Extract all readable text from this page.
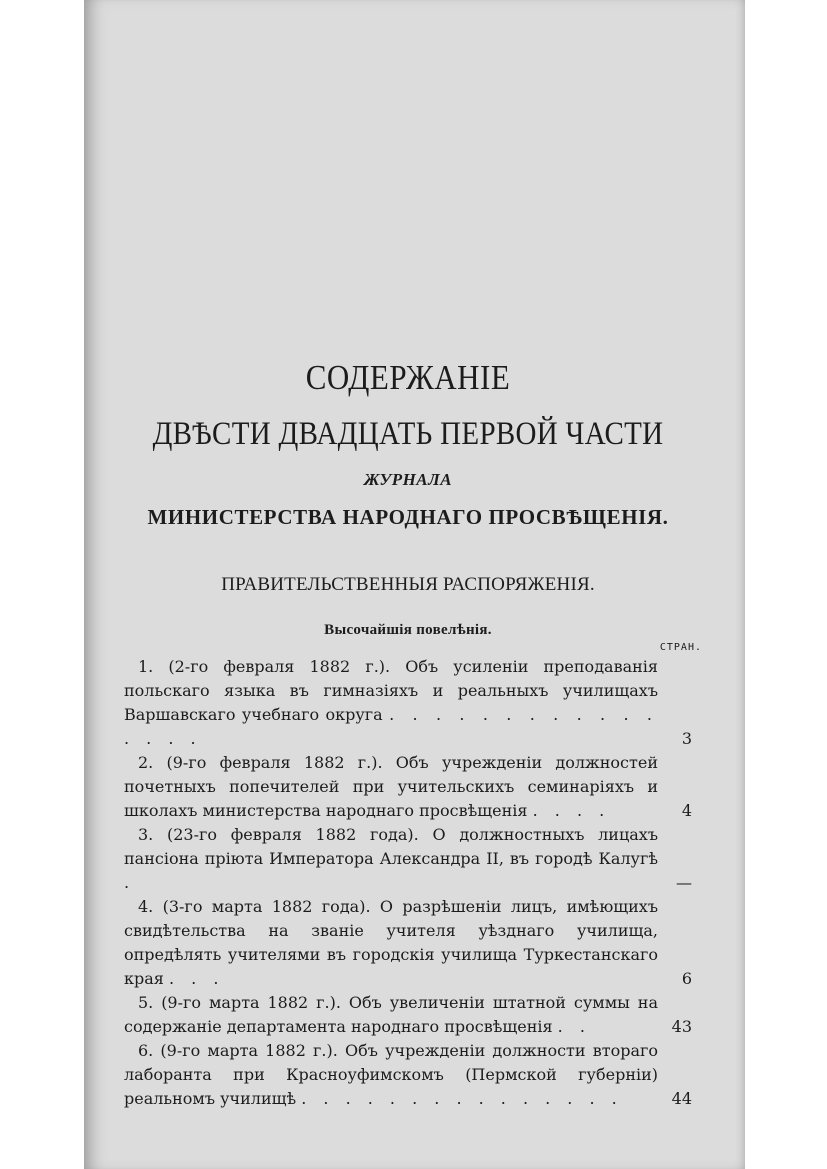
СОДЕРЖАНІЕ
ДВѢСТИ ДВАДЦАТЬ ПЕРВОЙ ЧАСТИ
ЖУРНАЛА
МИНИСТЕРСТВА НАРОДНАГО ПРОСВѢЩЕНІЯ.
ПРАВИТЕЛЬСТВЕННЫЯ РАСПОРЯЖЕНІЯ.
Высочайшія повелѣнія.
СТРАН.

1. (2-го февраля 1882 г.). Объ усиленіи преподаванія польскаго языка въ гимназіяхъ и реальныхъ училищахъ Варшавскаго учебнаго округа . . . . . . . . . . . . . . . .	3

2. (9-го февраля 1882 г.). Объ учрежденіи должностей почетныхъ попечителей при учительскихъ семинаріяхъ и школахъ министерства народнаго просвѣщенія . . . .	4

3. (23-го февраля 1882 года). О должностныхъ лицахъ пансіона пріюта Императора Александра II, въ городѣ Калугѣ .	—

4. (3-го марта 1882 года). О разрѣшеніи лицъ, имѣющихъ свидѣтельства на званіе учителя уѣзднаго училища, опредѣлять учителями въ городскія училища Туркестанскаго края . . .	6

5. (9-го марта 1882 г.). Объ увеличеніи штатной суммы на содержаніе департамента народнаго просвѣщенія . .	43

6. (9-го марта 1882 г.). Объ учрежденіи должности втораго лаборанта при Красноуфимскомъ (Пермской губерніи) реальномъ училищѣ . . . . . . . . . . . . . . .	44
